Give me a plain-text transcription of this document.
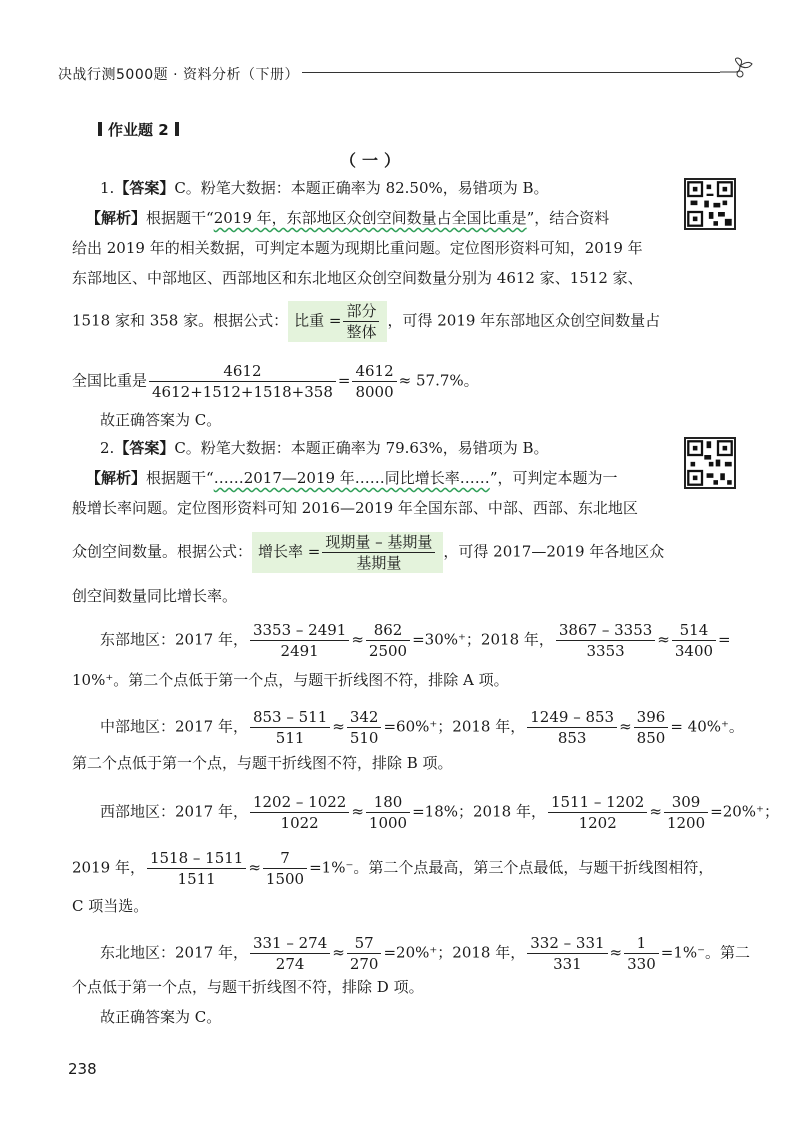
决战行测5000题 · 资料分析（下册）
作业题 2
（一）
1.【答案】C。粉笔大数据：本题正确率为 82.50%，易错项为 B。
【解析】根据题干“2019 年，东部地区众创空间数量占全国比重是”，结合资料
给出 2019 年的相关数据，可判定本题为现期比重问题。定位图形资料可知，2019 年
东部地区、中部地区、西部地区和东北地区众创空间数量分别为 4612 家、1512 家、
1518 家和 358 家。根据公式： 比重 = $\frac{\text{部分}}{\text{整体}}$ ，可得 2019 年东部地区众创空间数量占
全国比重是 $\frac{4612}{4612+1512+1518+358} = \frac{4612}{8000} \approx 57.7\%$。
故正确答案为 C。
2.【答案】C。粉笔大数据：本题正确率为 79.63%，易错项为 B。
【解析】根据题干“……2017—2019 年……同比增长率……”，可判定本题为一
般增长率问题。定位图形资料可知 2016—2019 年全国东部、中部、西部、东北地区
众创空间数量。根据公式： 增长率 = $\frac{\text{现期量 – 基期量}}{\text{基期量}}$ ，可得 2017—2019 年各地区众
创空间数量同比增长率。
东部地区：2017 年， $\frac{3353 - 2491}{2491} \approx \frac{862}{2500} =30\%^+$；2018 年， $\frac{3867 - 3353}{3353} \approx \frac{514}{3400}$ =
10%⁺。第二个点低于第一个点，与题干折线图不符，排除 A 项。
中部地区：2017 年， $\frac{853 - 511}{511} \approx \frac{342}{510} =60\%^+$；2018 年， $\frac{1249 - 853}{853} \approx \frac{396}{850} = 40\%^+$。
第二个点低于第一个点，与题干折线图不符，排除 B 项。
西部地区：2017 年， $\frac{1202 - 1022}{1022} \approx \frac{180}{1000} =18\%$；2018 年， $\frac{1511 - 1202}{1202} \approx \frac{309}{1200} =20\%^+$；
2019 年， $\frac{1518 - 1511}{1511} \approx \frac{7}{1500} =1\%^-$。第二个点最高，第三个点最低，与题干折线图相符，
C 项当选。
东北地区：2017 年， $\frac{331 - 274}{274} \approx \frac{57}{270} =20\%^+$；2018 年， $\frac{332 - 331}{331} \approx \frac{1}{330} =1\%^-$。第二
个点低于第一个点，与题干折线图不符，排除 D 项。
故正确答案为 C。
238
